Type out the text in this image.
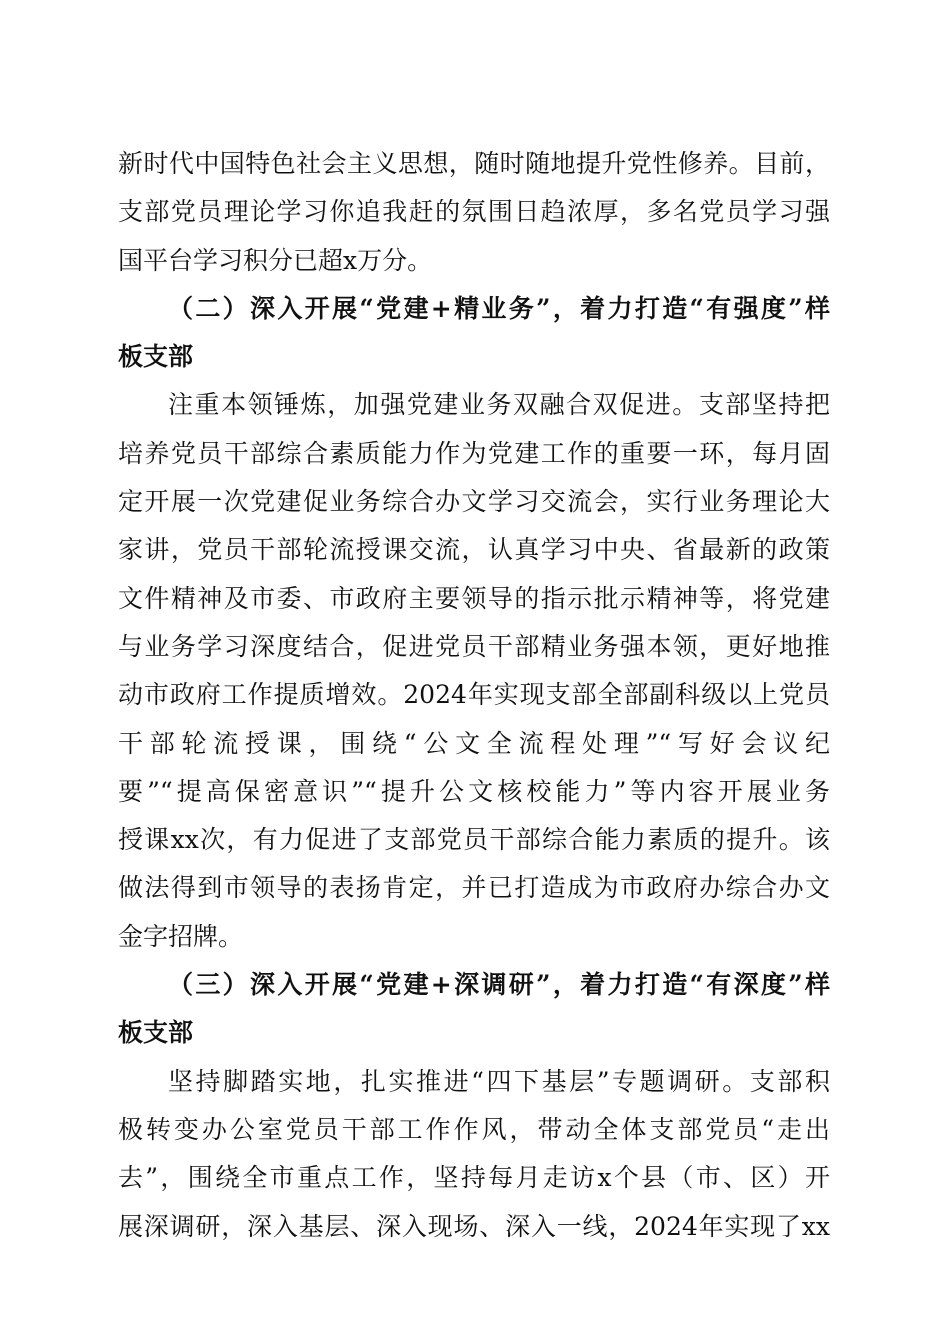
新时代中国特色社会主义思想，随时随地提升党性修养。目前，
支部党员理论学习你追我赶的氛围日趋浓厚，多名党员学习强
国平台学习积分已超x万分。
（二）深入开展“党建+精业务”，着力打造“有强度”样
板支部
注重本领锤炼，加强党建业务双融合双促进。支部坚持把
培养党员干部综合素质能力作为党建工作的重要一环，每月固
定开展一次党建促业务综合办文学习交流会，实行业务理论大
家讲，党员干部轮流授课交流，认真学习中央、省最新的政策
文件精神及市委、市政府主要领导的指示批示精神等，将党建
与业务学习深度结合，促进党员干部精业务强本领，更好地推
动市政府工作提质增效。2024年实现支部全部副科级以上党员
干部轮流授课，围绕“公文全流程处理”“写好会议纪
要”“提高保密意识”“提升公文核校能力”等内容开展业务
授课xx次，有力促进了支部党员干部综合能力素质的提升。该
做法得到市领导的表扬肯定，并已打造成为市政府办综合办文
金字招牌。
（三）深入开展“党建+深调研”，着力打造“有深度”样
板支部
坚持脚踏实地，扎实推进“四下基层”专题调研。支部积
极转变办公室党员干部工作作风，带动全体支部党员“走出
去”，围绕全市重点工作，坚持每月走访x个县（市、区）开
展深调研，深入基层、深入现场、深入一线，2024年实现了xx
